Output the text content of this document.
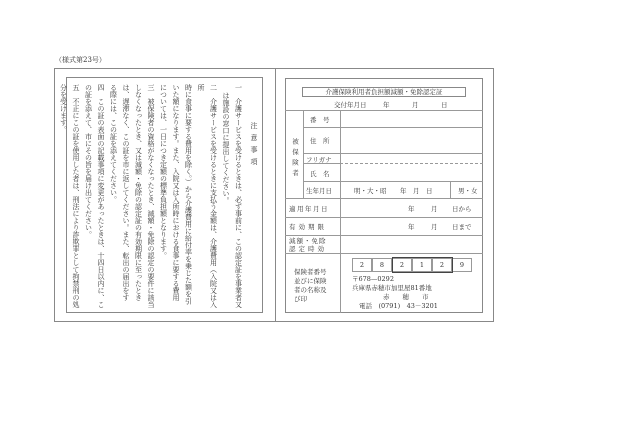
（様式第23号）
注意事項
一　介護サービスを受けるときは、必ず事前に、この認定証を事業者又
は施設の窓口に提出してください。
二　介護サービスを受けるときに支払う金額は、介護費用（入院又は入所
時に食事に要する費用を除く。）から介護費用に給付率を乗じた額を引
いた額になります。また、入院又は入所時における食事に要する費用
については、一日につき定額の標準負担額となります。
三　被保険者の資格がなくなったとき、減額・免除の認定の要件に該当
しなくなったとき、又は減額・免除の認定証の有効期限に至ったとき
は、遅滞なく、この証を市に返してください。また、転出の届出をす
る際には、この証を添えてください。
四　この証の表面の記載事項に変更があったときは、十四日以内に、こ
の証を添えて、市にその旨を届け出てください。
五　不正にこの証を使用した者は、刑法により詐欺罪として拘禁刑の処
分を受けます。	介護保険利用者負担額減額・免除認定証
交付年月日	年	月	日
被保険者
番　号
住　所
フリガナ
氏　名
生年月日	明・大・昭 年　月　日	男・女
適用年月日	年	月 日から
有効期限	年	月 日まで
減額・免除
認定時効
保険者番号
並びに保険
者の名称及
び印
2	8	2	1	2	9
〒678—0292
兵庫県赤穂市加里屋81番地
赤　　穂　　市
電話　(0791)　43－3201
